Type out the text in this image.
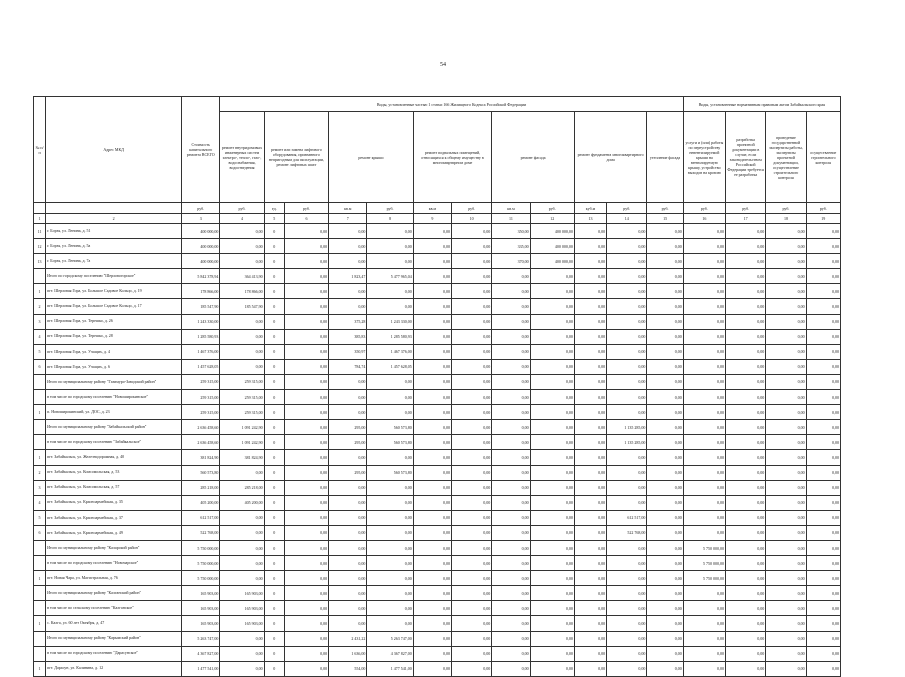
54
№ п/п	Адрес МКД	Стоимость капитального ремонта ВСЕГО	Виды, установленные частью 1 статьи 166 Жилищного Кодекса Российской Федерации												Виды, установленные нормативным правовым актом Забайкальского края			
			ремонт внутридомовых инженерных систем электро-, тепло-, газо-, водоснабжения, водоотведения	ремонт или замена лифтового оборудования, признанного непригодным для эксплуатации, ремонт лифтовых шахт		ремонт крыши		ремонт подвальных помещений, относящихся к общему имуществу в многоквартирном доме		ремонт фасада		ремонт фундамента многоквартирного дома		утепление фасада	услуги и (или) работы по переустройству невентилируемой крыши на вентилируемую крышу, устройство выходов на кровлю	разработка проектной документации в случае, если законодательством Российской Федерации требуется ее разработка	проведение государственной экспертизы работы, экспертизы проектной документации, осуществление строительного контроля	осуществление строительного контроля
		руб.	руб.	ед.	руб.	кв.м	руб.	кв.м	руб.	кв.м	руб.	куб.м	руб.	руб.	руб.	руб.	руб.	руб.
1	2	3	4	5	6	7	8	9	10	11	12	13	14	15	16	17	18	19
11	г. Борзя, ул. Ленина, д. 51	400 000,00	0,00	0	0,00	0,00	0,00	0,00	0,00	350,00	400 000,00	0,00	0,00	0,00	0,00	0,00	0,00	0,00
12	г. Борзя, ул. Ленина, д. 5а	400 000,00	0,00	0	0,00	0,00	0,00	0,00	0,00	335,00	400 000,00	0,00	0,00	0,00	0,00	0,00	0,00	0,00
13	г. Борзя, ул. Ленина, д. 7а	400 000,00	0,00	0	0,00	0,00	0,00	0,00	0,00	370,00	400 000,00	0,00	0,00	0,00	0,00	0,00	0,00	0,00
	Итого по городскому поселению "Шерловогорское"	5 842 378,94	364 413,90	0	0,00	1 823,47	5 477 965,04	0,00	0,00	0,00	0,00	0,00	0,00	0,00	0,00	0,00	0,00	0,00
1	пгт. Шерловая Гора, ул. Большое Садовое Кольцо, д. 19	178 866,00	178 866,00	0	0,00	0,00	0,00	0,00	0,00	0,00	0,00	0,00	0,00	0,00	0,00	0,00	0,00	0,00
2	пгт. Шерловая Гора, ул. Большое Садовое Кольцо, д. 17	185 547,90	185 547,90	0	0,00	0,00	0,00	0,00	0,00	0,00	0,00	0,00	0,00	0,00	0,00	0,00	0,00	0,00
3	пгт. Шерловая Гора, ул. Терешко, д. 26	1 243 330,00	0,00	0	0,00	375,28	1 243 330,00	0,00	0,00	0,00	0,00	0,00	0,00	0,00	0,00	0,00	0,00	0,00
4	пгт. Шерловая Гора, ул. Терешко, д. 28	1 285 580,93	0,00	0	0,00	385,83	1 285 580,93	0,00	0,00	0,00	0,00	0,00	0,00	0,00	0,00	0,00	0,00	0,00
5	пгт. Шерловая Гора, ул. Учащих, д. 4	1 467 376,00	0,00	0	0,00	350,97	1 467 376,00	0,00	0,00	0,00	0,00	0,00	0,00	0,00	0,00	0,00	0,00	0,00
6	пгт. Шерловая Гора, ул. Учащих, д. 6	1 457 628,05	0,00	0	0,00	784,74	1 457 628,05	0,00	0,00	0,00	0,00	0,00	0,00	0,00	0,00	0,00	0,00	0,00
	Итого по муниципальному району "Газимуро-Заводский район"	259 315,00	259 315,00	0	0,00	0,00	0,00	0,00	0,00	0,00	0,00	0,00	0,00	0,00	0,00	0,00	0,00	0,00
	в том числе по городскому поселению "Новоширокинское"	259 315,00	259 315,00	0	0,00	0,00	0,00	0,00	0,00	0,00	0,00	0,00	0,00	0,00	0,00	0,00	0,00	0,00
1	п. Новоширокинский, ул. ДОС, д. 23	259 315,00	259 315,00	0	0,00	0,00	0,00	0,00	0,00	0,00	0,00	0,00	0,00	0,00	0,00	0,00	0,00	0,00
	Итого по муниципальному району "Забайкальский район"	2 636 458,60	1 091 242,90	0	0,00	295,00	560 573,80	0,00	0,00	0,00	0,00	0,00	1 135 285,00	0,00	0,00	0,00	0,00	0,00
	в том числе по городскому поселению "Забайкальское"	2 636 458,60	1 091 242,90	0	0,00	295,00	560 573,80	0,00	0,00	0,00	0,00	0,00	1 135 285,00	0,00	0,00	0,00	0,00	0,00
1	пгт. Забайкальск, ул. Железнодорожная, д. 40	381 824,90	381 824,90	0	0,00	0,00	0,00	0,00	0,00	0,00	0,00	0,00	0,00	0,00	0,00	0,00	0,00	0,00
2	пгт. Забайкальск, ул. Комсомольская, д. 53	560 573,80	0,00	0	0,00	295,00	560 573,80	0,00	0,00	0,00	0,00	0,00	0,00	0,00	0,00	0,00	0,00	0,00
3	пгт. Забайкальск, ул. Комсомольская, д. 57	285 218,00	285 218,00	0	0,00	0,00	0,00	0,00	0,00	0,00	0,00	0,00	0,00	0,00	0,00	0,00	0,00	0,00
4	пгт. Забайкальск, ул. Красноармейская, д. 35	405 200,00	405 200,00	0	0,00	0,00	0,00	0,00	0,00	0,00	0,00	0,00	0,00	0,00	0,00	0,00	0,00	0,00
5	пгт. Забайкальск, ул. Красноармейская, д. 37	612 517,00	0,00	0	0,00	0,00	0,00	0,00	0,00	0,00	0,00	0,00	612 517,00	0,00	0,00	0,00	0,00	0,00
6	пгт. Забайкальск, ул. Красноармейская, д. 49	522 768,00	0,00	0	0,00	0,00	0,00	0,00	0,00	0,00	0,00	0,00	522 768,00	0,00	0,00	0,00	0,00	0,00
	Итого по муниципальному району "Каларский район"	5 750 000,00	0,00	0	0,00	0,00	0,00	0,00	0,00	0,00	0,00	0,00	0,00	0,00	5 750 000,00	0,00	0,00	0,00
	в том числе по городскому поселению "Новочарское"	5 750 000,00	0,00	0	0,00	0,00	0,00	0,00	0,00	0,00	0,00	0,00	0,00	0,00	5 750 000,00	0,00	0,00	0,00
1	пгт. Новая Чара, ул. Магистральная, д. 76	5 750 000,00	0,00	0	0,00	0,00	0,00	0,00	0,00	0,00	0,00	0,00	0,00	0,00	5 750 000,00	0,00	0,00	0,00
	Итого по муниципальному району "Калганский район"	165 903,00	165 903,00	0	0,00	0,00	0,00	0,00	0,00	0,00	0,00	0,00	0,00	0,00	0,00	0,00	0,00	0,00
	в том числе по сельскому поселению "Калганское"	165 903,00	165 903,00	0	0,00	0,00	0,00	0,00	0,00	0,00	0,00	0,00	0,00	0,00	0,00	0,00	0,00	0,00
1	с. Калга, ул. 60 лет Октября, д. 47	165 903,00	165 903,00	0	0,00	0,00	0,00	0,00	0,00	0,00	0,00	0,00	0,00	0,00	0,00	0,00	0,00	0,00
	Итого по муниципальному району "Карымский район"	5 263 747,00	0,00	0	0,00	2 431,22	5 263 747,00	0,00	0,00	0,00	0,00	0,00	0,00	0,00	0,00	0,00	0,00	0,00
	в том числе по городскому поселению "Дарасунское"	4 367 827,00	0,00	0	0,00	1 636,00	4 367 827,00	0,00	0,00	0,00	0,00	0,00	0,00	0,00	0,00	0,00	0,00	0,00
1	пгт. Дарасун, ул. Калинина, д. 12	1 477 541,00	0,00	0	0,00	554,00	1 477 541,00	0,00	0,00	0,00	0,00	0,00	0,00	0,00	0,00	0,00	0,00	0,00
